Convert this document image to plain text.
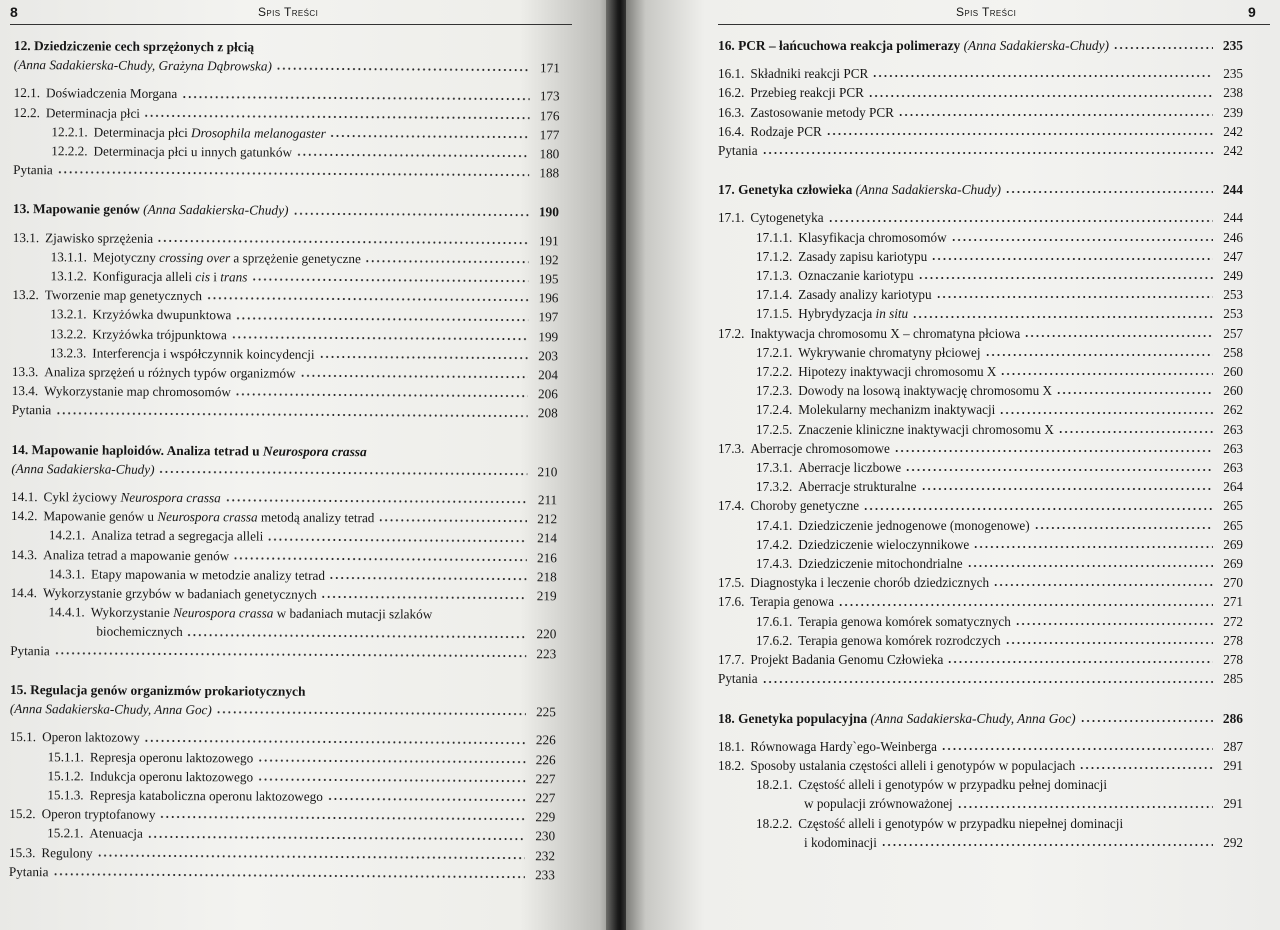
8	Spis Treści
12. Dziedziczenie cech sprzężonych z płcią
(Anna Sadakierska-Chudy, Grażyna Dąbrowska)	171
12.1. Doświadczenia Morgana	173
12.2. Determinacja płci	176
12.2.1. Determinacja płci Drosophila melanogaster	177
12.2.2. Determinacja płci u innych gatunków	180
Pytania	188
13. Mapowanie genów (Anna Sadakierska-Chudy)	190
13.1. Zjawisko sprzężenia	191
13.1.1. Mejotyczny crossing over a sprzężenie genetyczne	192
13.1.2. Konfiguracja alleli cis i trans	195
13.2. Tworzenie map genetycznych	196
13.2.1. Krzyżówka dwupunktowa	197
13.2.2. Krzyżówka trójpunktowa	199
13.2.3. Interferencja i współczynnik koincydencji	203
13.3. Analiza sprzężeń u różnych typów organizmów	204
13.4. Wykorzystanie map chromosomów	206
Pytania	208
14. Mapowanie haploidów. Analiza tetrad u Neurospora crassa
(Anna Sadakierska-Chudy)	210
14.1. Cykl życiowy Neurospora crassa	211
14.2. Mapowanie genów u Neurospora crassa metodą analizy tetrad	212
14.2.1. Analiza tetrad a segregacja alleli	214
14.3. Analiza tetrad a mapowanie genów	216
14.3.1. Etapy mapowania w metodzie analizy tetrad	218
14.4. Wykorzystanie grzybów w badaniach genetycznych	219
14.4.1. Wykorzystanie Neurospora crassa w badaniach mutacji szlaków
biochemicznych	220
Pytania	223
15. Regulacja genów organizmów prokariotycznych
(Anna Sadakierska-Chudy, Anna Goc)	225
15.1. Operon laktozowy	226
15.1.1. Represja operonu laktozowego	226
15.1.2. Indukcja operonu laktozowego	227
15.1.3. Represja kataboliczna operonu laktozowego	227
15.2. Operon tryptofanowy	229
15.2.1. Atenuacja	230
15.3. Regulony	232
Pytania	233
Spis Treści	9
16. PCR – łańcuchowa reakcja polimerazy (Anna Sadakierska-Chudy)	235
16.1. Składniki reakcji PCR	235
16.2. Przebieg reakcji PCR	238
16.3. Zastosowanie metody PCR	239
16.4. Rodzaje PCR	242
Pytania	242
17. Genetyka człowieka (Anna Sadakierska-Chudy)	244
17.1. Cytogenetyka	244
17.1.1. Klasyfikacja chromosomów	246
17.1.2. Zasady zapisu kariotypu	247
17.1.3. Oznaczanie kariotypu	249
17.1.4. Zasady analizy kariotypu	253
17.1.5. Hybrydyzacja in situ	253
17.2. Inaktywacja chromosomu X – chromatyna płciowa	257
17.2.1. Wykrywanie chromatyny płciowej	258
17.2.2. Hipotezy inaktywacji chromosomu X	260
17.2.3. Dowody na losową inaktywację chromosomu X	260
17.2.4. Molekularny mechanizm inaktywacji	262
17.2.5. Znaczenie kliniczne inaktywacji chromosomu X	263
17.3. Aberracje chromosomowe	263
17.3.1. Aberracje liczbowe	263
17.3.2. Aberracje strukturalne	264
17.4. Choroby genetyczne	265
17.4.1. Dziedziczenie jednogenowe (monogenowe)	265
17.4.2. Dziedziczenie wieloczynnikowe	269
17.4.3. Dziedziczenie mitochondrialne	269
17.5. Diagnostyka i leczenie chorób dziedzicznych	270
17.6. Terapia genowa	271
17.6.1. Terapia genowa komórek somatycznych	272
17.6.2. Terapia genowa komórek rozrodczych	278
17.7. Projekt Badania Genomu Człowieka	278
Pytania	285
18. Genetyka populacyjna (Anna Sadakierska-Chudy, Anna Goc)	286
18.1. Równowaga Hardy`ego-Weinberga	287
18.2. Sposoby ustalania częstości alleli i genotypów w populacjach	291
18.2.1. Częstość alleli i genotypów w przypadku pełnej dominacji
w populacji zrównoważonej	291
18.2.2. Częstość alleli i genotypów w przypadku niepełnej dominacji
i kodominacji	292
